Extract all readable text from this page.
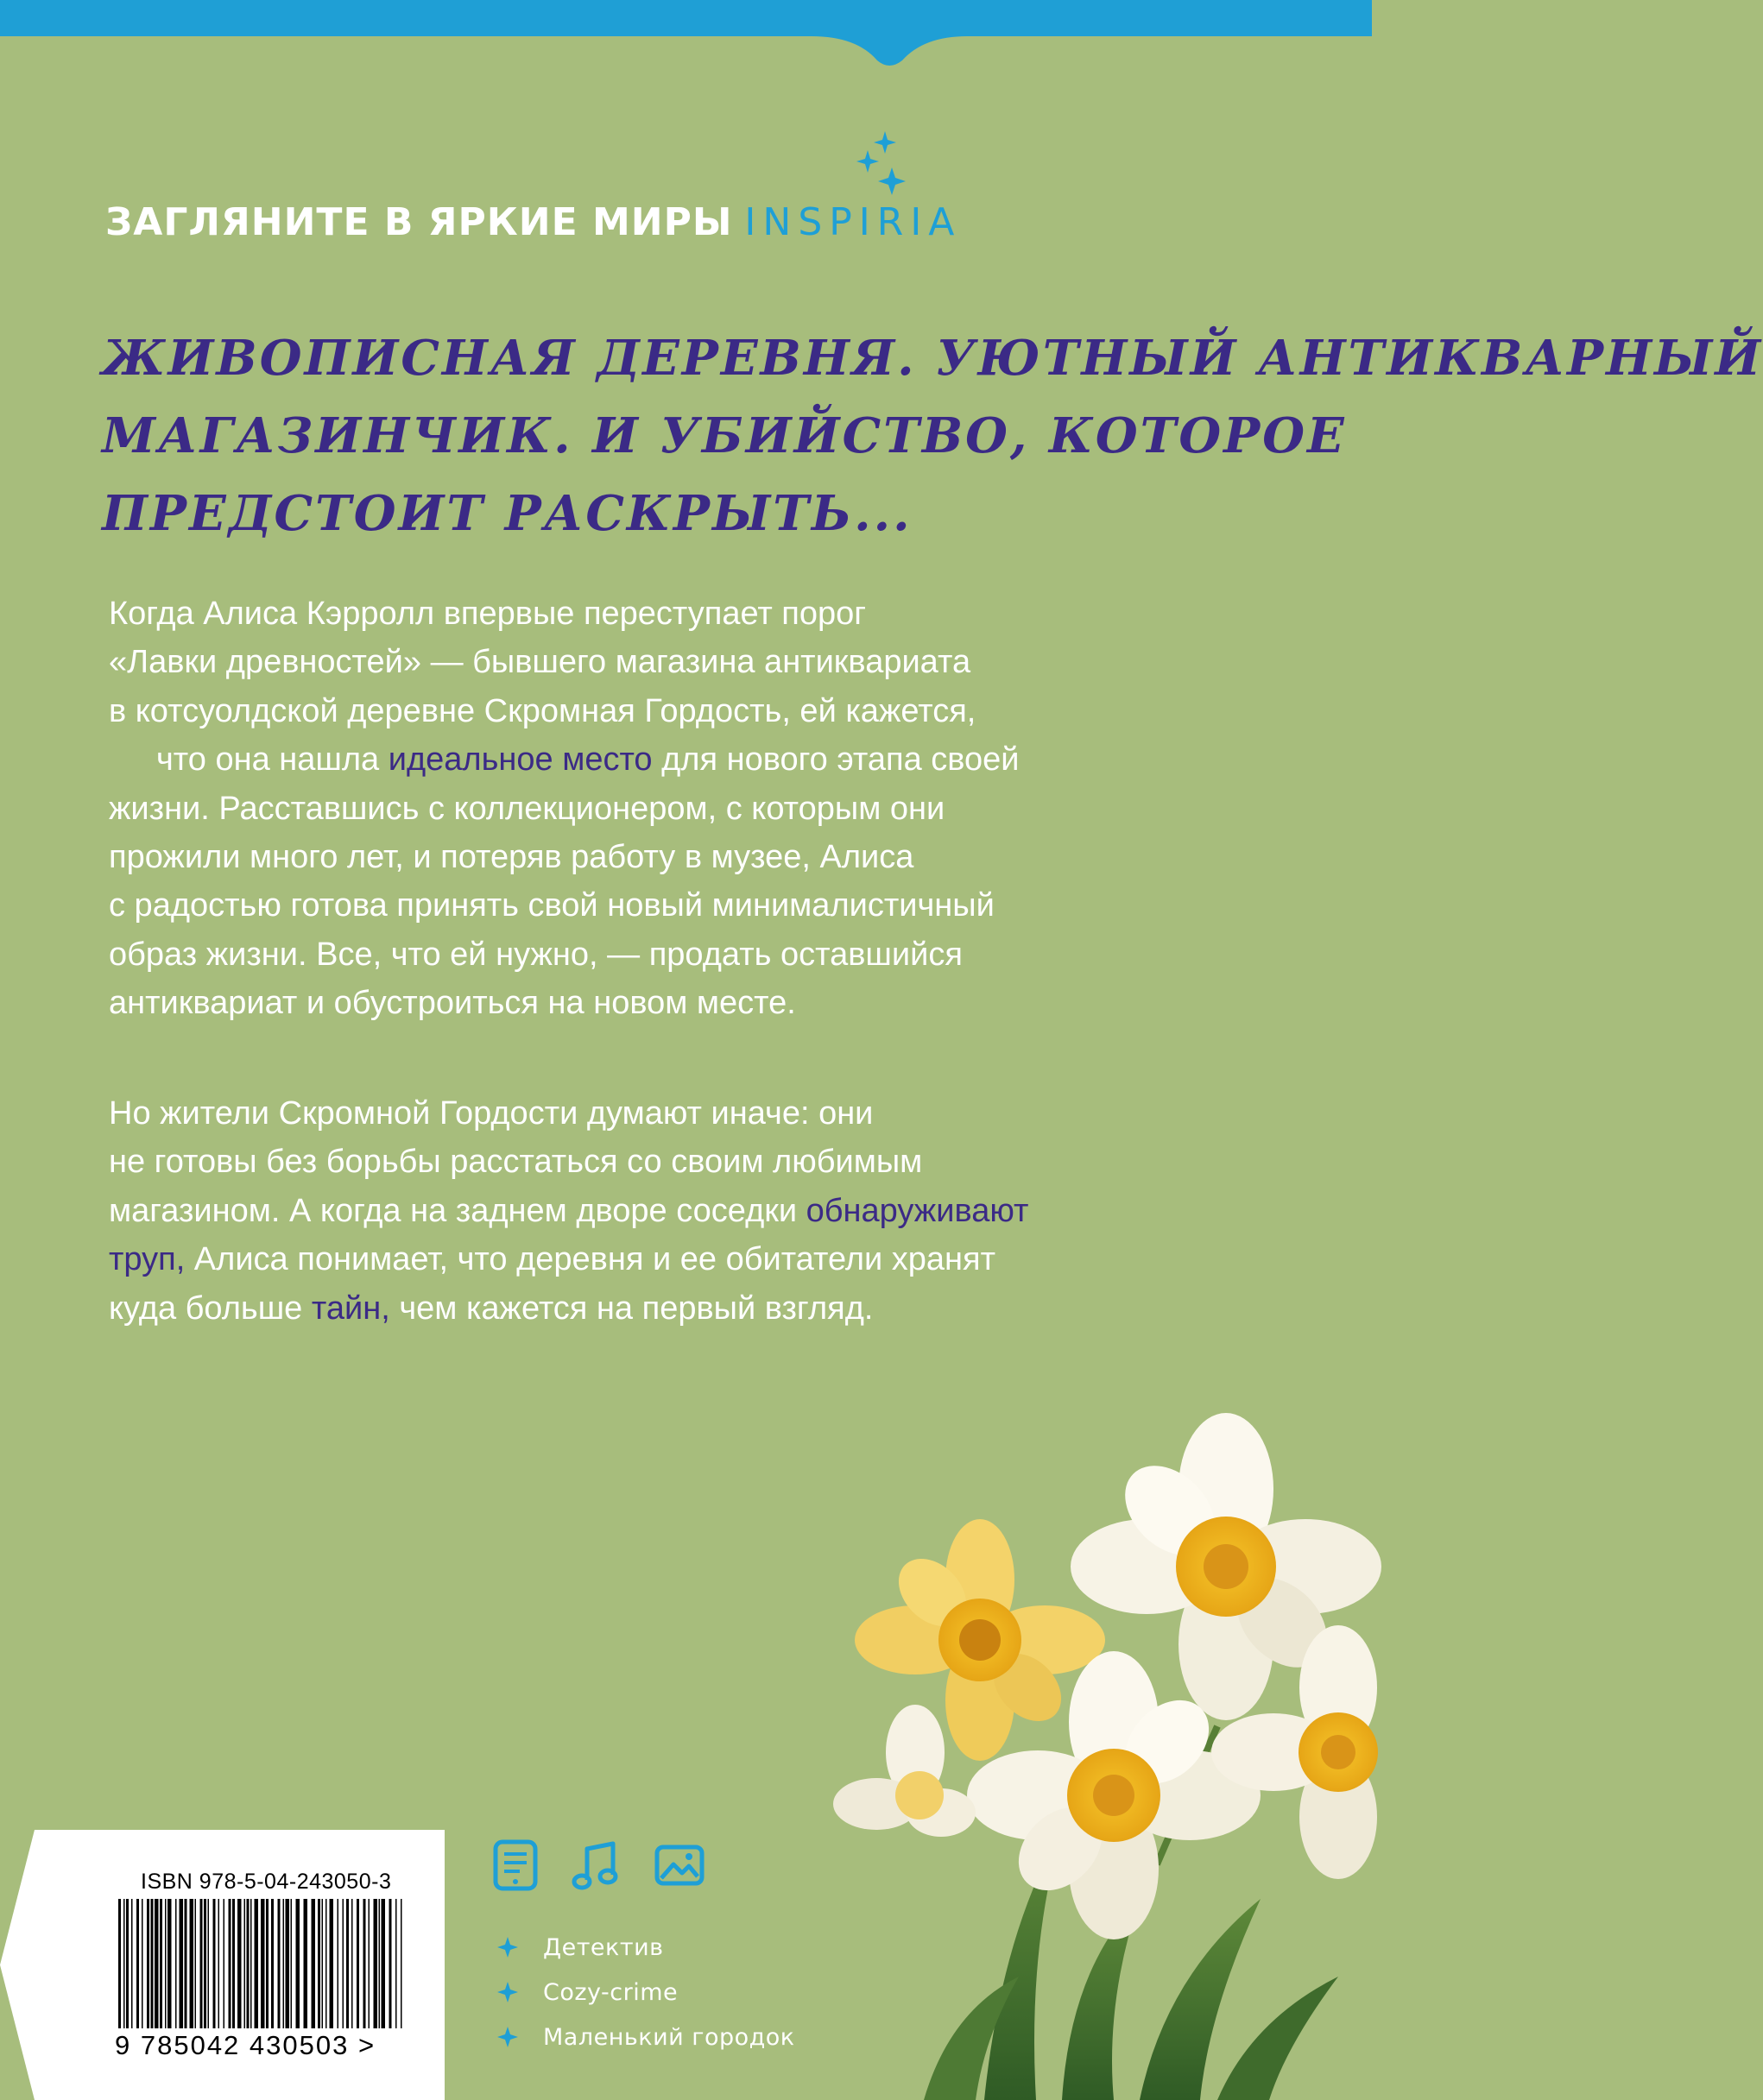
ЗАГЛЯНИТЕ В ЯРКИЕ МИРЫ INSPIRIA
ЖИВОПИСНАЯ ДЕРЕВНЯ. УЮТНЫЙ АНТИКВАРНЫЙ
МАГАЗИНЧИК. И УБИЙСТВО, КОТОРОЕ
ПРЕДСТОИТ РАСКРЫТЬ...
Когда Алиса Кэрролл впервые переступает порог
«Лавки древностей» — бывшего магазина антиквариата
в котсуолдской деревне Скромная Гордость, ей кажется,
что она нашла идеальное место для нового этапа своей
жизни. Расставшись с коллекционером, с которым они
прожили много лет, и потеряв работу в музее, Алиса
с радостью готова принять свой новый минималистичный
образ жизни. Все, что ей нужно, — продать оставшийся
антиквариат и обустроиться на новом месте.
Но жители Скромной Гордости думают иначе: они
не готовы без борьбы расстаться со своим любимым
магазином. А когда на заднем дворе соседки обнаруживают
труп, Алиса понимает, что деревня и ее обитатели хранят
куда больше тайн, чем кажется на первый взгляд.
ISBN 978-5-04-243050-3
9 785042 430503 >
Детектив
Cozy-crime
Маленький городок
